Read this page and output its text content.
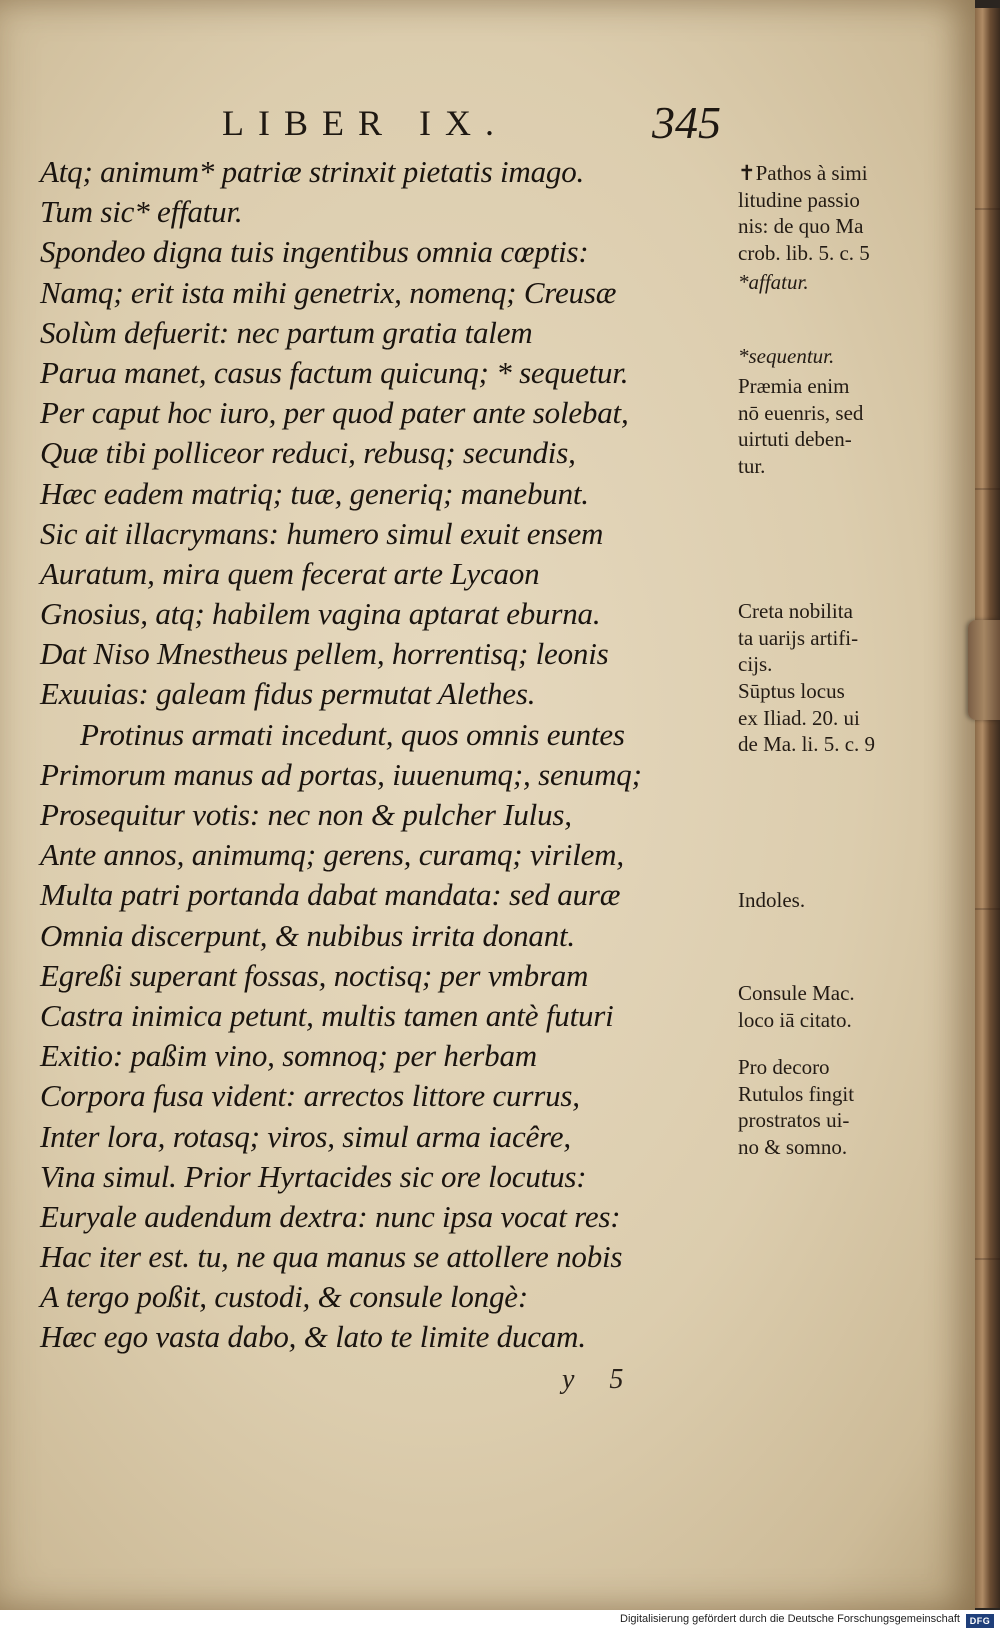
LIBER IX.	345
Atq; animum* patriæ strinxit pietatis imago.
Tum sic* effatur.
Spondeo digna tuis ingentibus omnia cœptis:
Namq; erit ista mihi genetrix, nomenq; Creusæ
Solùm defuerit: nec partum gratia talem
Parua manet, casus factum quicunq; * sequetur.
Per caput hoc iuro, per quod pater ante solebat,
Quæ tibi polliceor reduci, rebusq; secundis,
Hæc eadem matriq; tuæ, generiq; manebunt.
Sic ait illacrymans: humero simul exuit ensem
Auratum, mira quem fecerat arte Lycaon
Gnosius, atq; habilem vagina aptarat eburna.
Dat Niso Mnestheus pellem, horrentisq; leonis
Exuuias: galeam fidus permutat Alethes.
Protinus armati incedunt, quos omnis euntes
Primorum manus ad portas, iuuenumq;, senumq;
Prosequitur votis: nec non & pulcher Iulus,
Ante annos, animumq; gerens, curamq; virilem,
Multa patri portanda dabat mandata: sed auræ
Omnia discerpunt, & nubibus irrita donant.
Egreßi superant fossas, noctisq; per vmbram
Castra inimica petunt, multis tamen antè futuri
Exitio: paßim vino, somnoq; per herbam
Corpora fusa vident: arrectos littore currus,
Inter lora, rotasq; viros, simul arma iacêre,
Vina simul. Prior Hyrtacides sic ore locutus:
Euryale audendum dextra: nunc ipsa vocat res:
Hac iter est. tu, ne qua manus se attollere nobis
A tergo poßit, custodi, & consule longè:
Hæc ego vasta dabo, & lato te limite ducam.
y 5
✝Pathos à simi
litudine passio
nis: de quo Ma
crob. lib. 5. c. 5
*affatur.
*sequentur.
Præmia enim
nō euenris, sed
uirtuti deben-
tur.
Creta nobilita
ta uarijs artifi-
cijs.
Sūptus locus
ex Iliad. 20. ui
de Ma. li. 5. c. 9
Indoles.
Consule Mac.
loco iā citato.
Pro decoro
Rutulos fingit
prostratos ui-
no & somno.
Digitalisierung gefördert durch die Deutsche Forschungsgemeinschaft	DFG
